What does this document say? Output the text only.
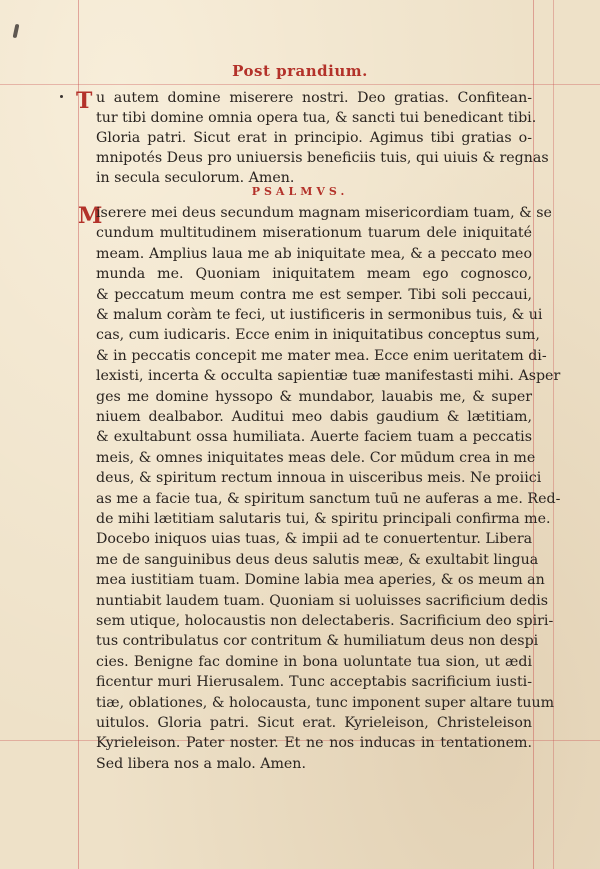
Post prandium.
T u autem domine miserere nostri. Deo gratias. Confitean-
tur tibi domine omnia opera tua, & sancti tui benedicant tibi.
Gloria patri. Sicut erat in principio. Agimus tibi gratias o-
mnipotés Deus pro uniuersis beneficiis tuis, qui uiuis & regnas
in secula seculorum. Amen.
PSALMVS.
M
iserere mei deus secundum magnam misericordiam tuam, & se
cundum multitudinem miserationum tuarum dele iniquitaté
meam. Amplius laua me ab iniquitate mea, & a peccato meo
munda me. Quoniam iniquitatem meam ego cognosco,
& peccatum meum contra me est semper. Tibi soli peccaui,
& malum coràm te feci, ut iustificeris in sermonibus tuis, & ui
cas, cum iudicaris. Ecce enim in iniquitatibus conceptus sum,
& in peccatis concepit me mater mea. Ecce enim ueritatem di-
lexisti, incerta & occulta sapientiæ tuæ manifestasti mihi. Asper
ges me domine hyssopo & mundabor, lauabis me, & super
niuem dealbabor. Auditui meo dabis gaudium & lætitiam,
& exultabunt ossa humiliata. Auerte faciem tuam a peccatis
meis, & omnes iniquitates meas dele. Cor mūdum crea in me
deus, & spiritum rectum innoua in uisceribus meis. Ne proiici
as me a facie tua, & spiritum sanctum tuū ne auferas a me. Red-
de mihi lætitiam salutaris tui, & spiritu principali confirma me.
Docebo iniquos uias tuas, & impii ad te conuertentur. Libera
me de sanguinibus deus deus salutis meæ, & exultabit lingua
mea iustitiam tuam. Domine labia mea aperies, & os meum an
nuntiabit laudem tuam. Quoniam si uoluisses sacrificium dedis
sem utique, holocaustis non delectaberis. Sacrificium deo spiri-
tus contribulatus cor contritum & humiliatum deus non despi
cies. Benigne fac domine in bona uoluntate tua sion, ut ædi
ficentur muri Hierusalem. Tunc acceptabis sacrificium iusti-
tiæ, oblationes, & holocausta, tunc imponent super altare tuum
uitulos. Gloria patri. Sicut erat. Kyrieleison, Christeleison
Kyrieleison. Pater noster. Et ne nos inducas in tentationem.
Sed libera nos a malo. Amen.
